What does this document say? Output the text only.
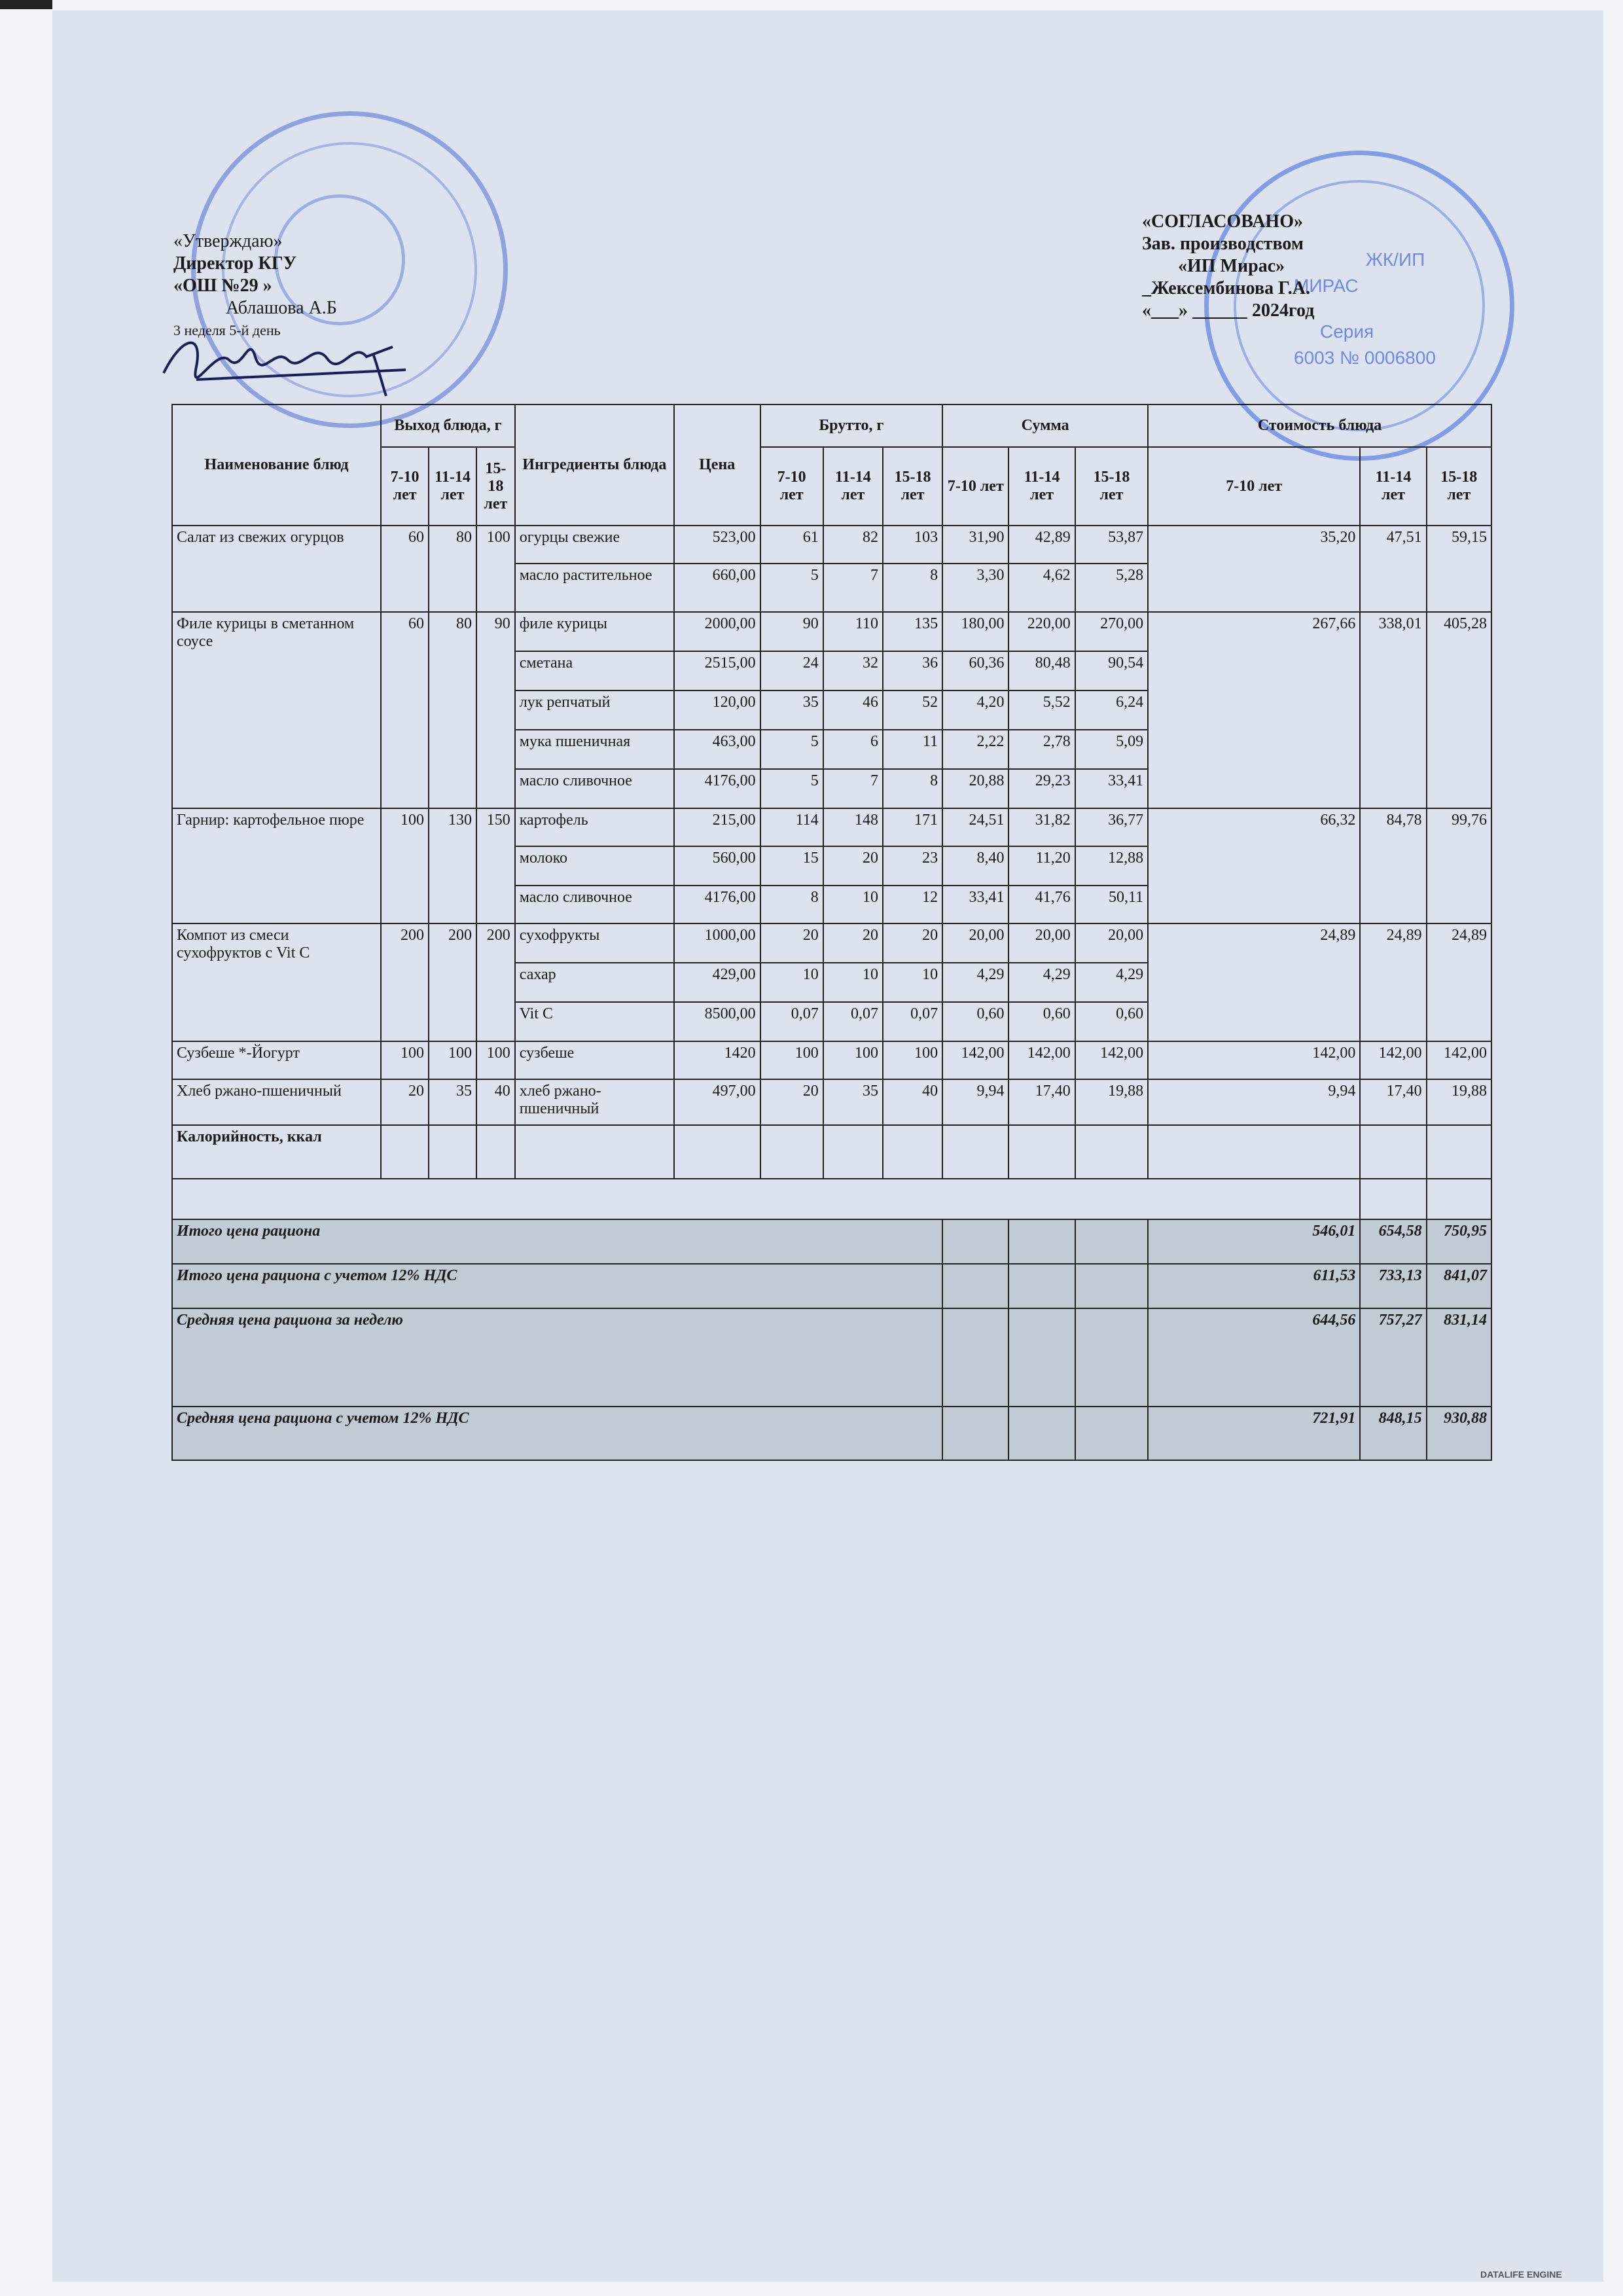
ЖК/ИП
МИРАС
Серия
6003 № 0006800
«Утверждаю»
Директор КГУ
«ОШ №29 »
Аблашова А.Б
3 неделя 5-й день
«СОГЛАСОВАНО»
Зав. производством
«ИП Мирас»
_Жексембинова Г.А.
«___» ______ 2024год
Наименование блюд	Выход блюда, г			Ингредиенты блюда	Цена	Брутто, г			Сумма			Стоимость блюда		
	7-10 лет	11-14 лет	15-18 лет			7-10 лет	11-14 лет	15-18 лет	7-10 лет	11-14 лет	15-18 лет	7-10 лет	11-14 лет	15-18 лет
Салат из свежих огурцов	60	80	100	огурцы свежие	523,00	61	82	103	31,90	42,89	53,87	35,20	47,51	59,15
				масло растительное	660,00	5	7	8	3,30	4,62	5,28			
Филе курицы в сметанном соусе	60	80	90	филе курицы	2000,00	90	110	135	180,00	220,00	270,00	267,66	338,01	405,28
				сметана	2515,00	24	32	36	60,36	80,48	90,54			
				лук репчатый	120,00	35	46	52	4,20	5,52	6,24			
				мука пшеничная	463,00	5	6	11	2,22	2,78	5,09			
				масло сливочное	4176,00	5	7	8	20,88	29,23	33,41			
Гарнир: картофельное пюре	100	130	150	картофель	215,00	114	148	171	24,51	31,82	36,77	66,32	84,78	99,76
				молоко	560,00	15	20	23	8,40	11,20	12,88			
				масло сливочное	4176,00	8	10	12	33,41	41,76	50,11			
Компот из смеси сухофруктов с Vit C	200	200	200	сухофрукты	1000,00	20	20	20	20,00	20,00	20,00	24,89	24,89	24,89
				сахар	429,00	10	10	10	4,29	4,29	4,29			
				Vit C	8500,00	0,07	0,07	0,07	0,60	0,60	0,60			
Сузбеше *-Йогурт	100	100	100	сузбеше	1420	100	100	100	142,00	142,00	142,00	142,00	142,00	142,00
Хлеб ржано-пшеничный	20	35	40	хлеб ржано-пшеничный	497,00	20	35	40	9,94	17,40	19,88	9,94	17,40	19,88
Калорийность, ккал														

Итого цена рациона												546,01	654,58	750,95
Итого цена рациона с учетом 12% НДС												611,53	733,13	841,07
Средняя цена рациона за неделю												644,56	757,27	831,14
Средняя цена рациона с учетом 12% НДС												721,91	848,15	930,88
DATALIFE ENGINE
